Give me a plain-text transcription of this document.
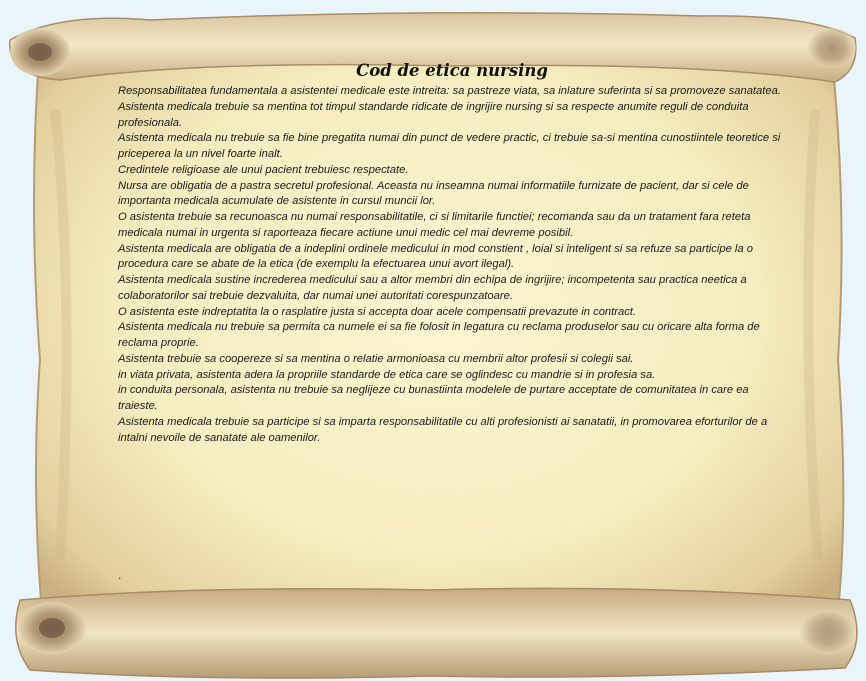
Cod de etica nursing
Responsabilitatea fundamentala a asistentei medicale este intreita: sa pastreze viata, sa inlature suferinta si sa promoveze sanatatea.
Asistenta medicala trebuie sa mentina tot timpul standarde ridicate de ingrijire nursing si sa respecte anumite reguli de conduita profesionala.
Asistenta medicala nu trebuie sa fie bine pregatita numai din punct de vedere practic, ci trebuie sa-si mentina cunostiintele teoretice si priceperea la un nivel foarte inalt.
Credintele religioase ale unui pacient trebuiesc respectate.
Nursa are obligatia de a pastra secretul profesional. Aceasta nu inseamna numai informatiile furnizate de pacient, dar si cele de importanta medicala acumulate de asistente in cursul muncii lor.
O asistenta trebuie sa recunoasca nu numai responsabilitatile, ci si limitarile functiei; recomanda sau da un tratament fara reteta medicala numai in urgenta si raporteaza fiecare actiune unui medic cel mai devreme posibil.
Asistenta medicala are obligatia de a indeplini ordinele medicului in mod constient , loial si inteligent si sa refuze sa participe la o procedura care se abate de la etica (de exemplu la efectuarea unui avort ilegal).
Asistenta medicala sustine increderea medicului sau a altor membri din echipa de ingrijire; incompetenta sau practica neetica a colaboratorilor sai trebuie dezvaluita, dar numai unei autoritati corespunzatoare.
O asistenta este indreptatita la o rasplatire justa si accepta doar acele compensatii prevazute in contract.
Asistenta medicala nu trebuie sa permita ca numele ei sa fie folosit in legatura cu reclama produselor sau cu oricare alta forma de reclama proprie.
Asistenta trebuie sa coopereze si sa mentina o relatie armonioasa cu membrii altor profesii si colegii sai.
in viata privata, asistenta adera la propriile standarde de etica care se oglindesc cu mandrie si in profesia sa.
in conduita personala, asistenta nu trebuie sa neglijeze cu bunastiinta modelele de purtare acceptate de comunitatea in care ea traieste.
Asistenta medicala trebuie sa participe si sa imparta responsabilitatile cu alti profesionisti ai sanatatii, in promovarea eforturilor de a intalni nevoile de sanatate ale oamenilor.
.
